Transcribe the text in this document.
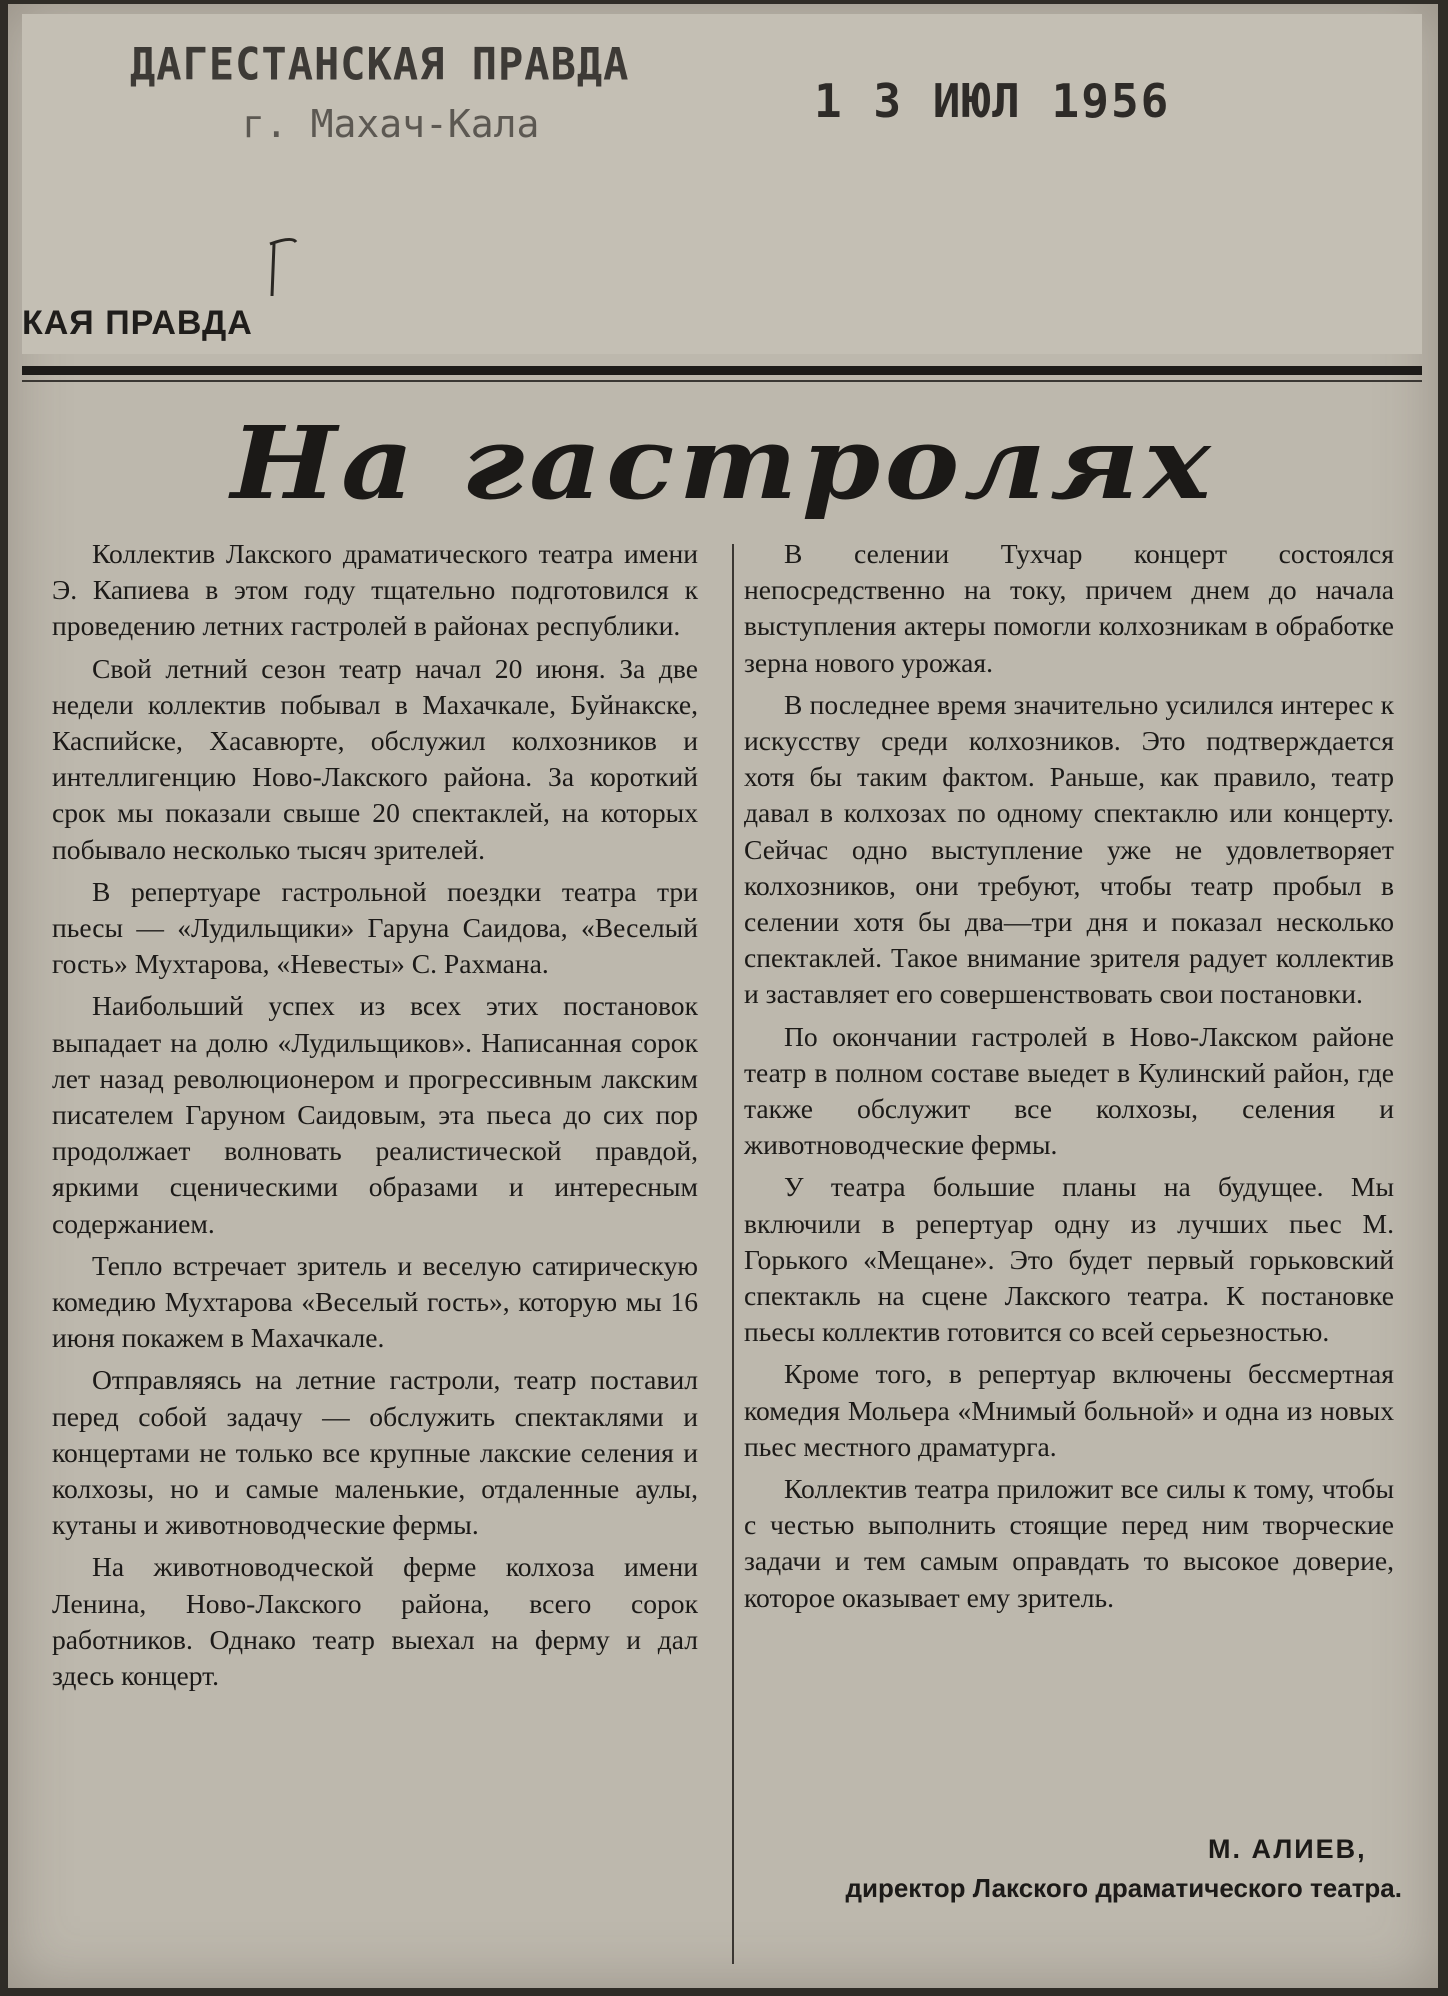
ДАГЕСТАНСКАЯ ПРАВДА
г. Махач-Кала	1 3 ИЮЛ 1956
КАЯ ПРАВДА
На гастролях

Коллектив Лакского драматического театра имени Э. Капиева в этом году тщательно подготовился к проведению летних гастролей в районах республики.

Свой летний сезон театр начал 20 июня. За две недели коллектив побывал в Махачкале, Буйнакске, Каспийске, Хасавюрте, обслужил колхозников и интеллигенцию Ново-Лакского района. За короткий срок мы показали свыше 20 спектаклей, на которых побывало несколько тысяч зрителей.

В репертуаре гастрольной поездки театра три пьесы — «Лудильщики» Гаруна Саидова, «Веселый гость» Мухтарова, «Невесты» С. Рахмана.

Наибольший успех из всех этих постановок выпадает на долю «Лудильщиков». Написанная сорок лет назад революционером и прогрессивным лакским писателем Гаруном Саидовым, эта пьеса до сих пор продолжает волновать реалистической правдой, яркими сценическими образами и интересным содержанием.

Тепло встречает зритель и веселую сатирическую комедию Мухтарова «Веселый гость», которую мы 16 июня покажем в Махачкале.

Отправляясь на летние гастроли, театр поставил перед собой задачу — обслужить спектаклями и концертами не только все крупные лакские селения и колхозы, но и самые маленькие, отдаленные аулы, кутаны и животноводческие фермы.

На животноводческой ферме колхоза имени Ленина, Ново-Лакского района, всего сорок работников. Однако театр выехал на ферму и дал здесь концерт.

В селении Тухчар концерт состоялся непосредственно на току, причем днем до начала выступления актеры помогли колхозникам в обработке зерна нового урожая.

В последнее время значительно усилился интерес к искусству среди колхозников. Это подтверждается хотя бы таким фактом. Раньше, как правило, театр давал в колхозах по одному спектаклю или концерту. Сейчас одно выступление уже не удовлетворяет колхозников, они требуют, чтобы театр пробыл в селении хотя бы два—три дня и показал несколько спектаклей. Такое внимание зрителя радует коллектив и заставляет его совершенствовать свои постановки.

По окончании гастролей в Ново-Лакском районе театр в полном составе выедет в Кулинский район, где также обслужит все колхозы, селения и животноводческие фермы.

У театра большие планы на будущее. Мы включили в репертуар одну из лучших пьес М. Горького «Мещане». Это будет первый горьковский спектакль на сцене Лакского театра. К постановке пьесы коллектив готовится со всей серьезностью.

Кроме того, в репертуар включены бессмертная комедия Мольера «Мнимый больной» и одна из новых пьес местного драматурга.

Коллектив театра приложит все силы к тому, чтобы с честью выполнить стоящие перед ним творческие задачи и тем самым оправдать то высокое доверие, которое оказывает ему зритель.

М. АЛИЕВ,
директор Лакского драматического театра.
